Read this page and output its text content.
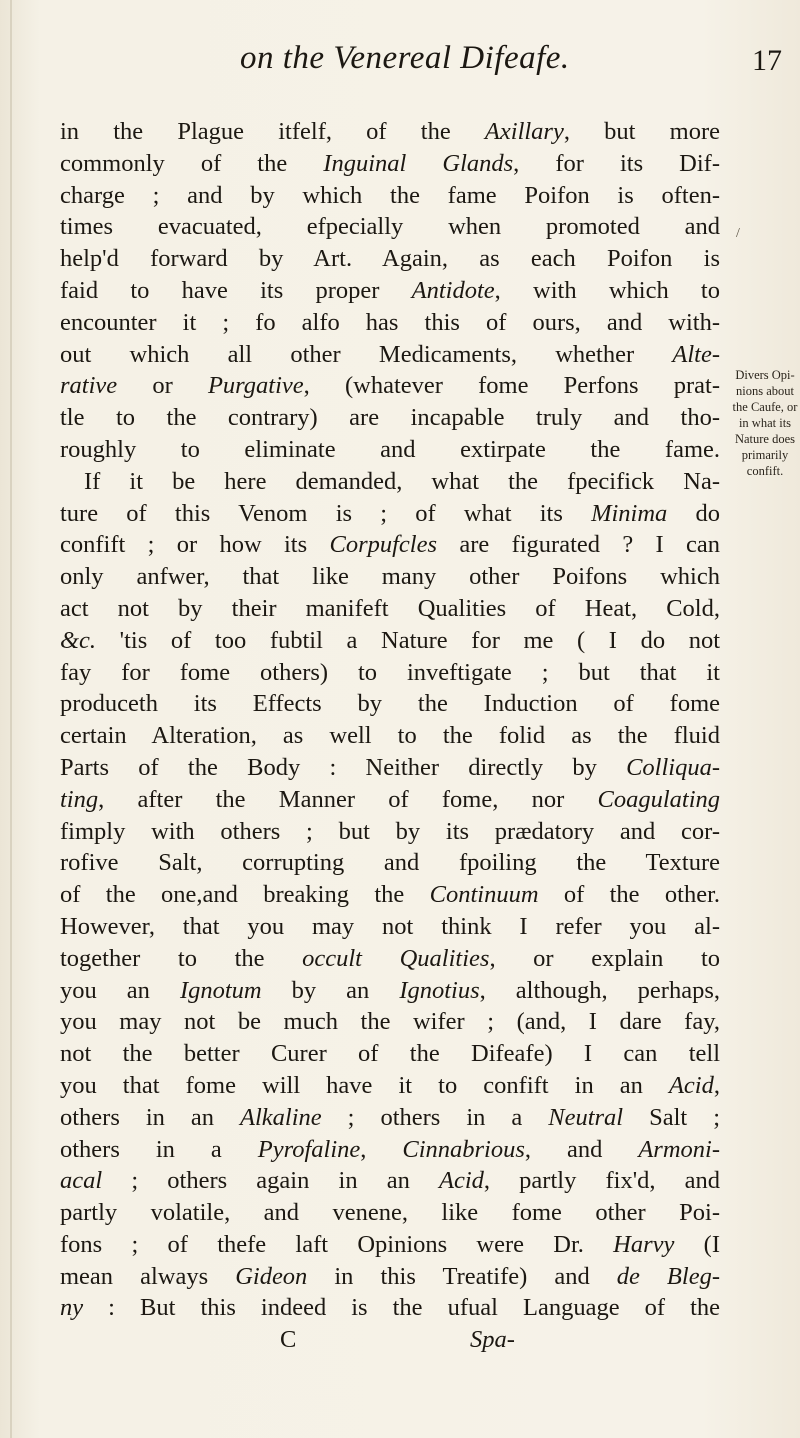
on the Venereal Difeafe.	17
/
in the Plague itfelf, of the Axillary, but more
commonly of the Inguinal Glands, for its Dif-
charge ; and by which the fame Poifon is often-
times evacuated, efpecially when promoted and
help'd forward by Art. Again, as each Poifon is
faid to have its proper Antidote, with which to
encounter it ; fo alfo has this of ours, and with-
out which all other Medicaments, whether Alte-
rative or Purgative, (whatever fome Perfons prat-
tle to the contrary) are incapable truly and tho-
roughly to eliminate and extirpate the fame.
If it be here demanded, what the fpecifick Na-
ture of this Venom is ; of what its Minima do
confift ; or how its Corpufcles are figurated ? I can
only anfwer, that like many other Poifons which
act not by their manifeft Qualities of Heat, Cold,
&c. 'tis of too fubtil a Nature for me ( I do not
fay for fome others) to inveftigate ; but that it
produceth its Effects by the Induction of fome
certain Alteration, as well to the folid as the fluid
Parts of the Body : Neither directly by Colliqua-
ting, after the Manner of fome, nor Coagulating
fimply with others ; but by its prædatory and cor-
rofive Salt, corrupting and fpoiling the Texture
of the one,and breaking the Continuum of the other.
However, that you may not think I refer you al-
together to the occult Qualities, or explain to
you an Ignotum by an Ignotius, although, perhaps,
you may not be much the wifer ; (and, I dare fay,
not the better Curer of the Difeafe) I can tell
you that fome will have it to confift in an Acid,
others in an Alkaline ; others in a Neutral Salt ;
others in a Pyrofaline, Cinnabrious, and Armoni-
acal ; others again in an Acid, partly fix'd, and
partly volatile, and venene, like fome other Poi-
fons ; of thefe laft Opinions were Dr. Harvy (I
mean always Gideon in this Treatife) and de Bleg-
ny : But this indeed is the ufual Language of the
C	Spa-
Divers Opi-
nions about
the Caufe, or
in what its
Nature does
primarily
confift.
